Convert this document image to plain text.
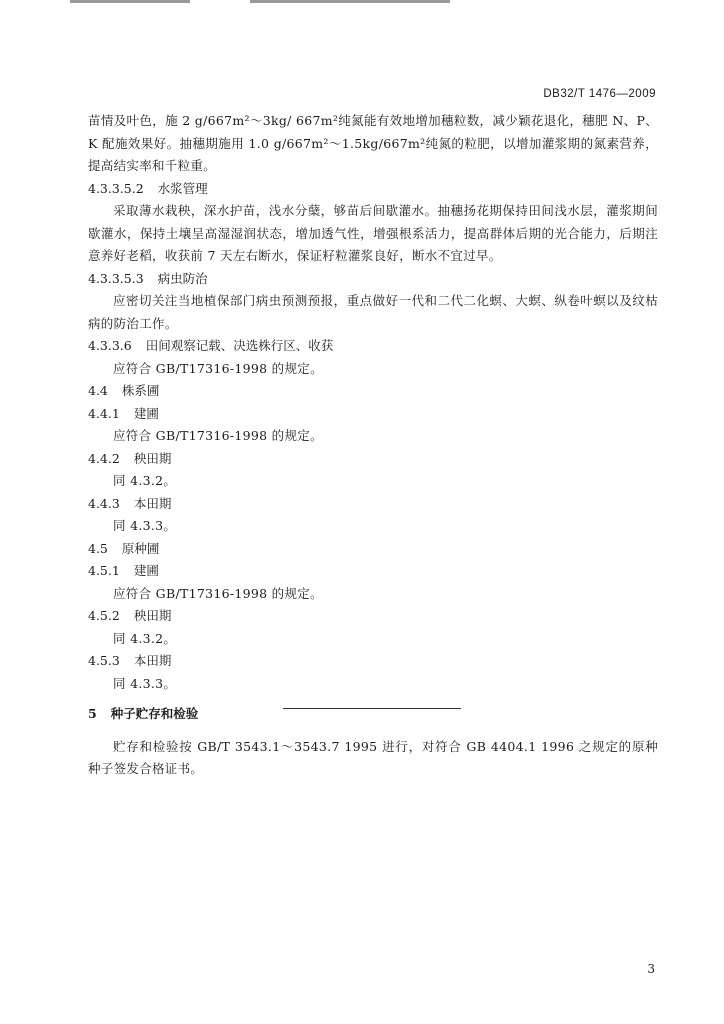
DB32/T 1476—2009

苗情及叶色，施 2 g/667m²～3kg/ 667m²纯氮能有效地增加穗粒数，减少颖花退化，穗肥 N、P、K 配施效果好。抽穗期施用 1.0 g/667m²～1.5kg/667m²纯氮的粒肥，以增加灌浆期的氮素营养，提高结实率和千粒重。

4.3.3.5.2 水浆管理

采取薄水栽秧，深水护苗，浅水分蘖，够苗后间歇灌水。抽穗扬花期保持田间浅水层，灌浆期间歇灌水，保持土壤呈高湿湿润状态，增加透气性，增强根系活力，提高群体后期的光合能力，后期注意养好老稻，收获前 7 天左右断水，保证籽粒灌浆良好，断水不宜过早。

4.3.3.5.3 病虫防治

应密切关注当地植保部门病虫预测预报，重点做好一代和二代二化螟、大螟、纵卷叶螟以及纹枯病的防治工作。

4.3.3.6 田间观察记载、决选株行区、收获

应符合 GB/T17316-1998 的规定。

4.4 株系圃
4.4.1 建圃

应符合 GB/T17316-1998 的规定。

4.4.2 秧田期

同 4.3.2。

4.4.3 本田期

同 4.3.3。

4.5 原种圃
4.5.1 建圃

应符合 GB/T17316-1998 的规定。

4.5.2 秧田期

同 4.3.2。

4.5.3 本田期

同 4.3.3。

5 种子贮存和检验

贮存和检验按 GB/T 3543.1～3543.7 1995 进行，对符合 GB 4404.1 1996 之规定的原种种子签发合格证书。

3
